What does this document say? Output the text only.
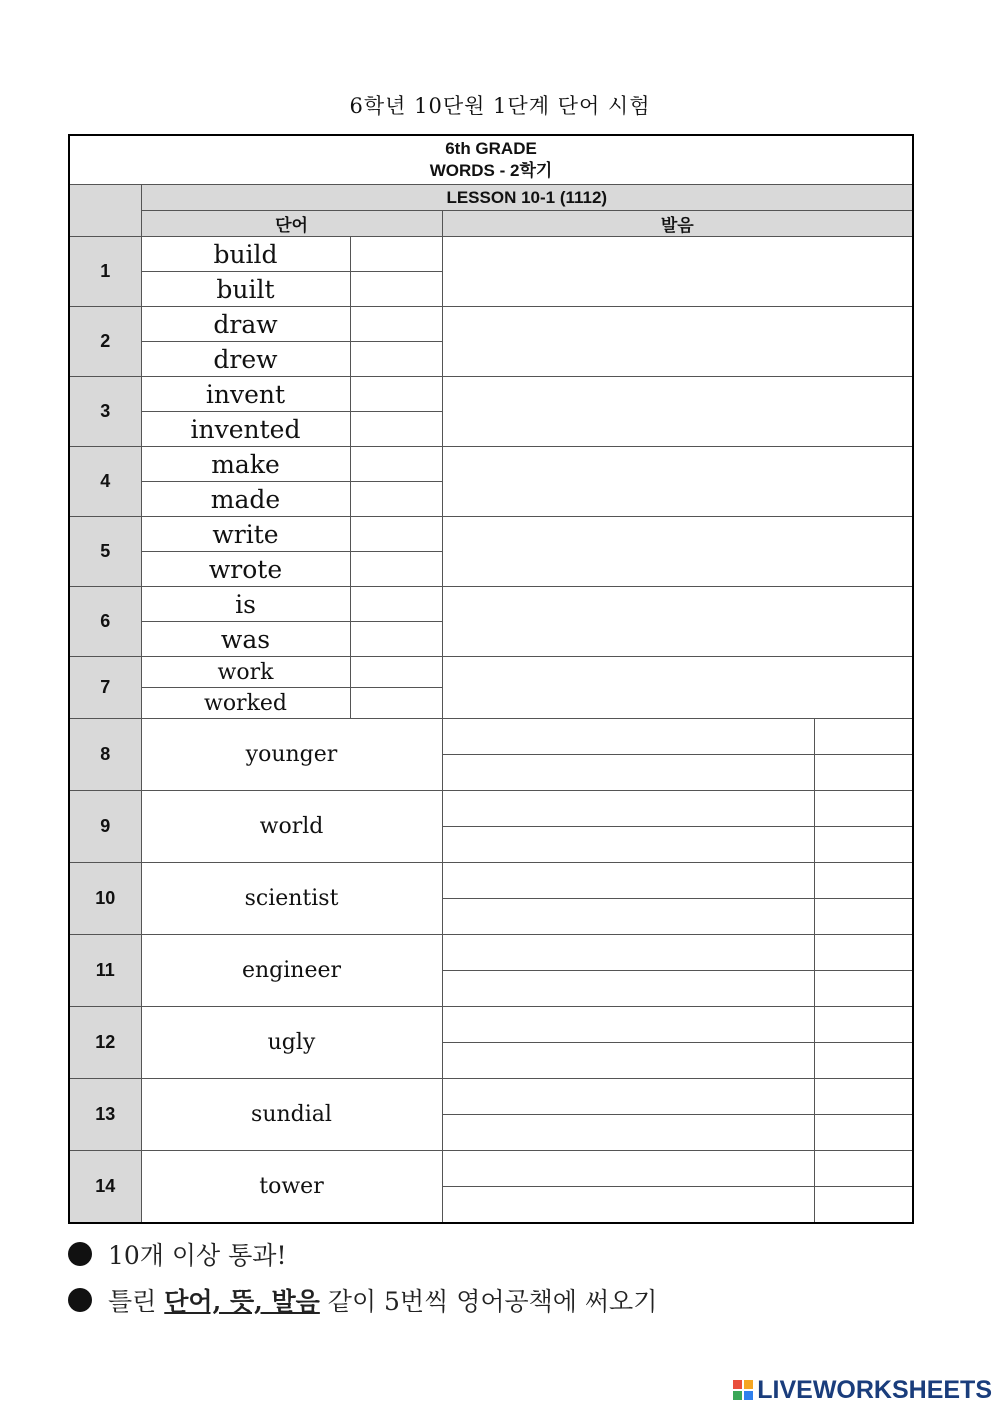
6학년 10단원 1단계 단어 시험
6th GRADE
WORDS - 2학기				

	LESSON 10-1 (1112)			
	단어		발음	
1	build			
	built			
2	draw			
	drew			
3	invent			
	invented			
4	make			
	made			
5	write			
	wrote			
6	is			
	was			
7	work			
	worked			
8	younger			

9	world			

10	scientist			

11	engineer			

12	ugly			

13	sundial			

14	tower			

10개 이상 통과!
틀린 단어, 뜻, 발음 같이 5번씩 영어공책에 써오기
LIVEWORKSHEETS
